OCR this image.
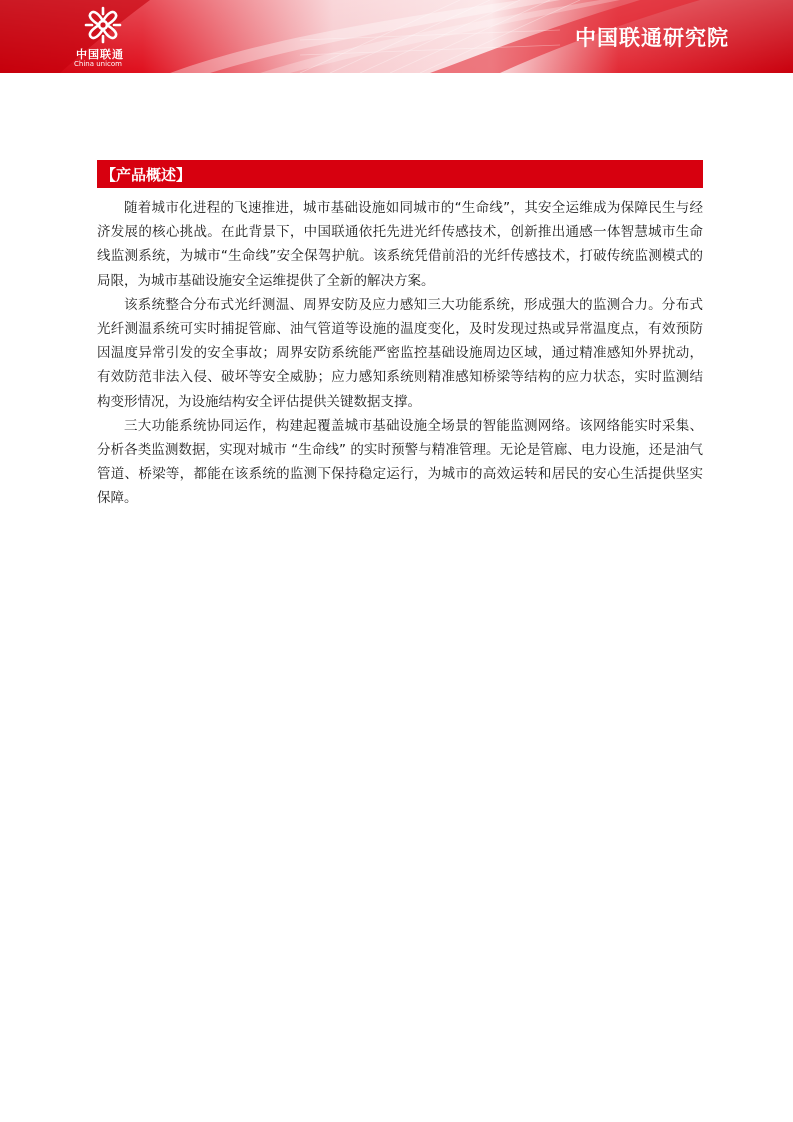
中国联通
China unicom
中国联通研究院
【产品概述】

随着城市化进程的飞速推进，城市基础设施如同城市的“生命线”，其安全运维成为保障民生与经济发展的核心挑战。在此背景下，中国联通依托先进光纤传感技术，创新推出通感一体智慧城市生命线监测系统，为城市“生命线”安全保驾护航。该系统凭借前沿的光纤传感技术，打破传统监测模式的局限，为城市基础设施安全运维提供了全新的解决方案。

该系统整合分布式光纤测温、周界安防及应力感知三大功能系统，形成强大的监测合力。分布式光纤测温系统可实时捕捉管廊、油气管道等设施的温度变化，及时发现过热或异常温度点，有效预防因温度异常引发的安全事故；周界安防系统能严密监控基础设施周边区域，通过精准感知外界扰动，有效防范非法入侵、破坏等安全威胁；应力感知系统则精准感知桥梁等结构的应力状态，实时监测结构变形情况，为设施结构安全评估提供关键数据支撑。

三大功能系统协同运作，构建起覆盖城市基础设施全场景的智能监测网络。该网络能实时采集、分析各类监测数据，实现对城市 “生命线” 的实时预警与精准管理。无论是管廊、电力设施，还是油气管道、桥梁等，都能在该系统的监测下保持稳定运行，为城市的高效运转和居民的安心生活提供坚实保障。
